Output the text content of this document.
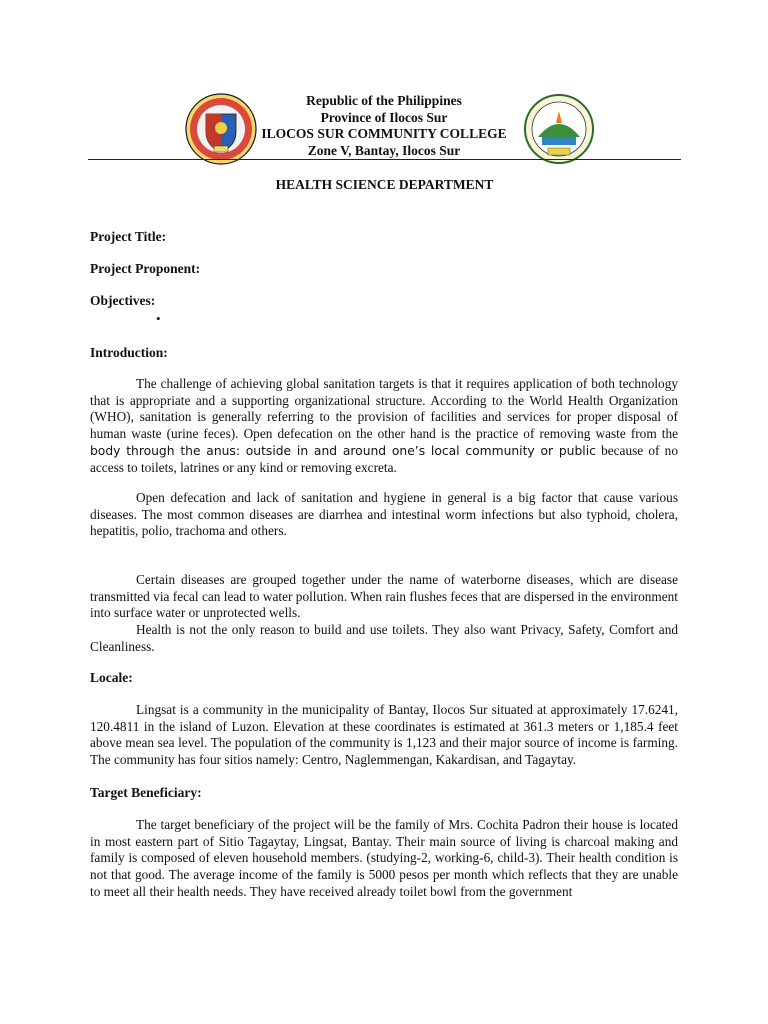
Republic of the Philippines
Province of Ilocos Sur
ILOCOS SUR COMMUNITY COLLEGE
Zone V, Bantay, Ilocos Sur
HEALTH SCIENCE DEPARTMENT
Project Title:
Project Proponent:
Objectives:
•
Introduction:
The challenge of achieving global sanitation targets is that it requires application of both technology that is appropriate and a supporting organizational structure. According to the World Health Organization (WHO), sanitation is generally referring to the provision of facilities and services for proper disposal of human waste (urine feces). Open defecation on the other hand is the practice of removing waste from the body through the anus: outside in and around one’s local community or public because of no access to toilets, latrines or any kind or removing excreta.
Open defecation and lack of sanitation and hygiene in general is a big factor that cause various diseases. The most common diseases are diarrhea and intestinal worm infections but also typhoid, cholera, hepatitis, polio, trachoma and others.
Certain diseases are grouped together under the name of waterborne diseases, which are disease transmitted via fecal can lead to water pollution. When rain flushes feces that are dispersed in the environment into surface water or unprotected wells.
Health is not the only reason to build and use toilets. They also want Privacy, Safety, Comfort and Cleanliness.
Locale:
Lingsat is a community in the municipality of Bantay, Ilocos Sur situated at approximately 17.6241, 120.4811 in the island of Luzon. Elevation at these coordinates is estimated at 361.3 meters or 1,185.4 feet above mean sea level. The population of the community is 1,123 and their major source of income is farming. The community has four sitios namely: Centro, Naglemmengan, Kakardisan, and Tagaytay.
Target Beneficiary:
The target beneficiary of the project will be the family of Mrs. Cochita Padron their house is located in most eastern part of Sitio Tagaytay, Lingsat, Bantay. Their main source of living is charcoal making and family is composed of eleven household members. (studying-2, working-6, child-3). Their health condition is not that good. The average income of the family is 5000 pesos per month which reflects that they are unable to meet all their health needs. They have received already toilet bowl from the government
